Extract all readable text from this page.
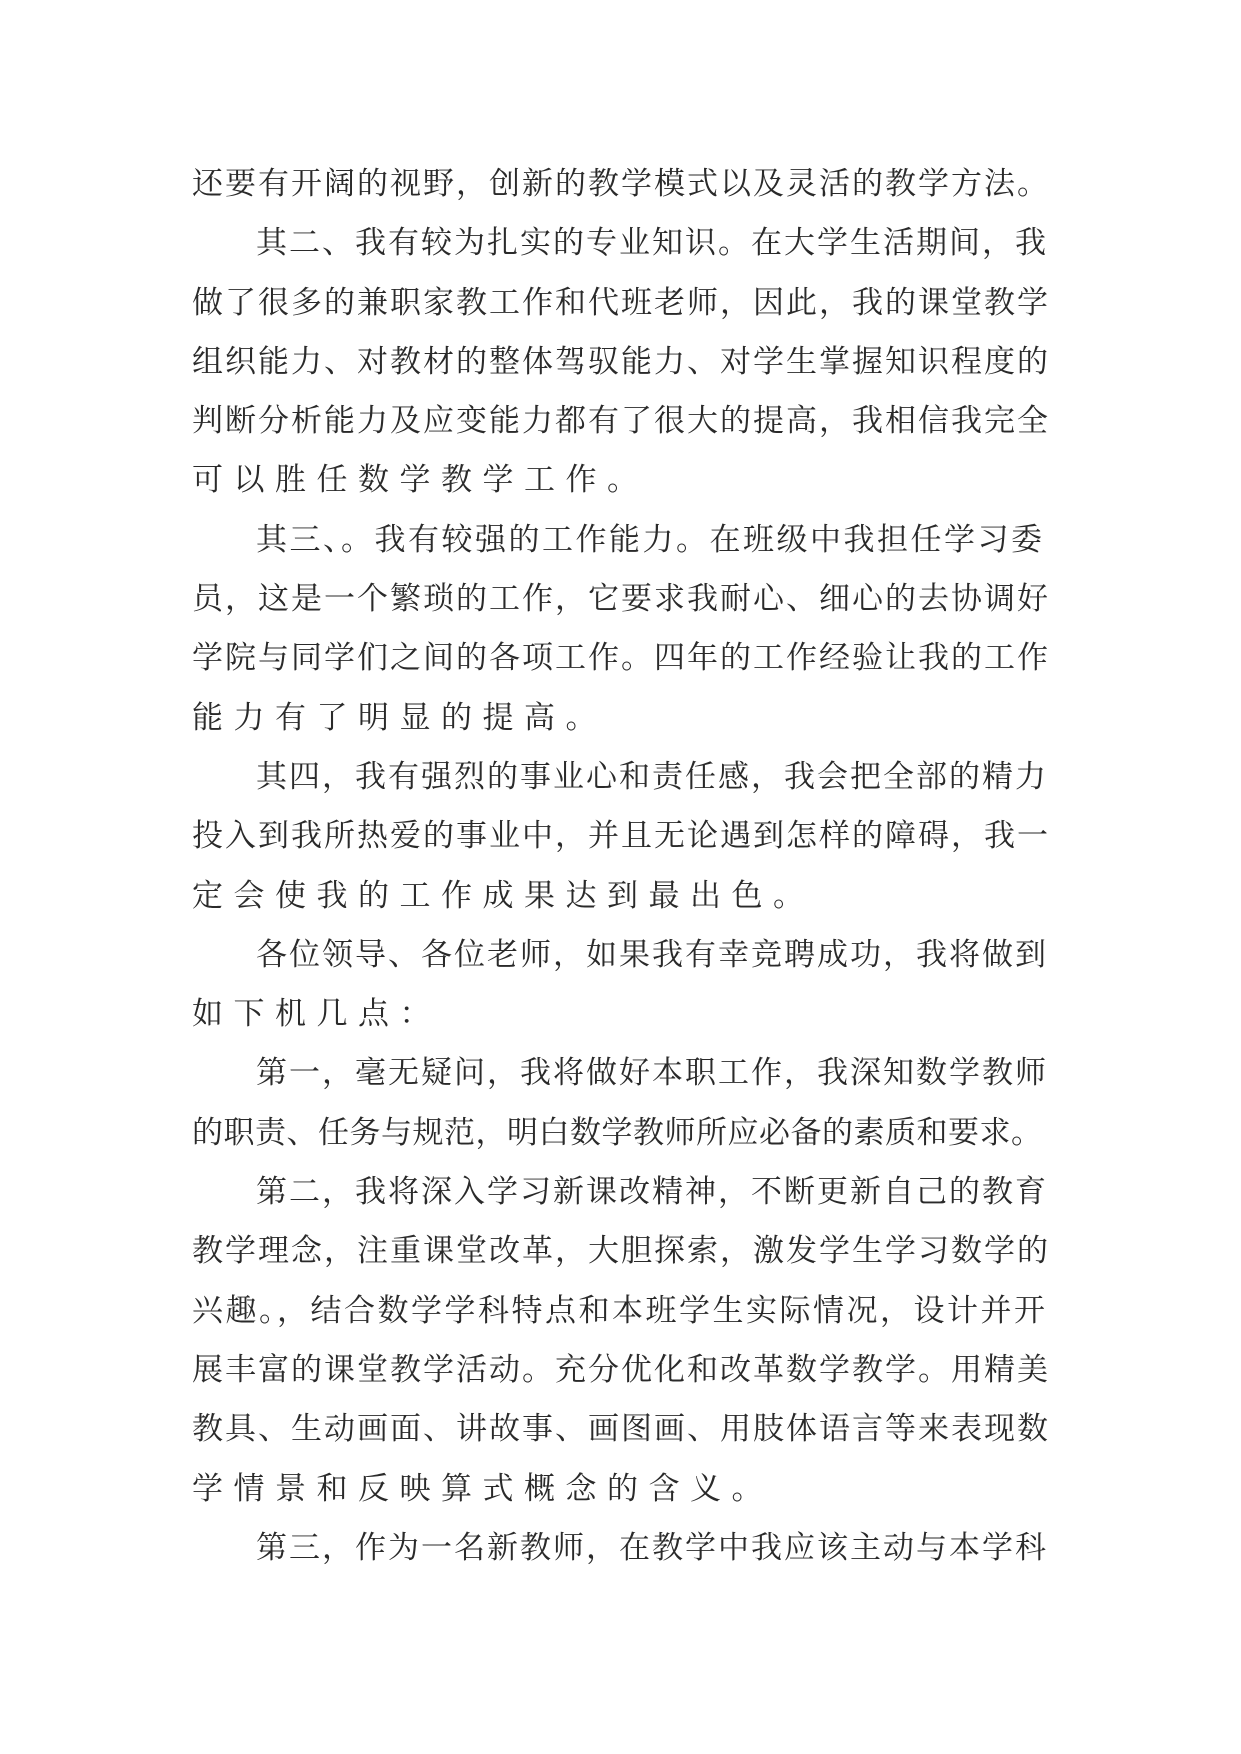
还要有开阔的视野，创新的教学模式以及灵活的教学方法。
其二、我有较为扎实的专业知识。在大学生活期间，我
做了很多的兼职家教工作和代班老师，因此，我的课堂教学
组织能力、对教材的整体驾驭能力、对学生掌握知识程度的
判断分析能力及应变能力都有了很大的提高，我相信我完全
可以胜任数学教学工作。
其三、。我有较强的工作能力。在班级中我担任学习委
员，这是一个繁琐的工作，它要求我耐心、细心的去协调好
学院与同学们之间的各项工作。四年的工作经验让我的工作
能力有了明显的提高。
其四，我有强烈的事业心和责任感，我会把全部的精力
投入到我所热爱的事业中，并且无论遇到怎样的障碍，我一
定会使我的工作成果达到最出色。
各位领导、各位老师，如果我有幸竞聘成功，我将做到
如下机几点：
第一，毫无疑问，我将做好本职工作，我深知数学教师
的职责、任务与规范，明白数学教师所应必备的素质和要求。
第二，我将深入学习新课改精神，不断更新自己的教育
教学理念，注重课堂改革，大胆探索，激发学生学习数学的
兴趣。，结合数学学科特点和本班学生实际情况，设计并开
展丰富的课堂教学活动。充分优化和改革数学教学。用精美
教具、生动画面、讲故事、画图画、用肢体语言等来表现数
学情景和反映算式概念的含义。
第三，作为一名新教师，在教学中我应该主动与本学科
